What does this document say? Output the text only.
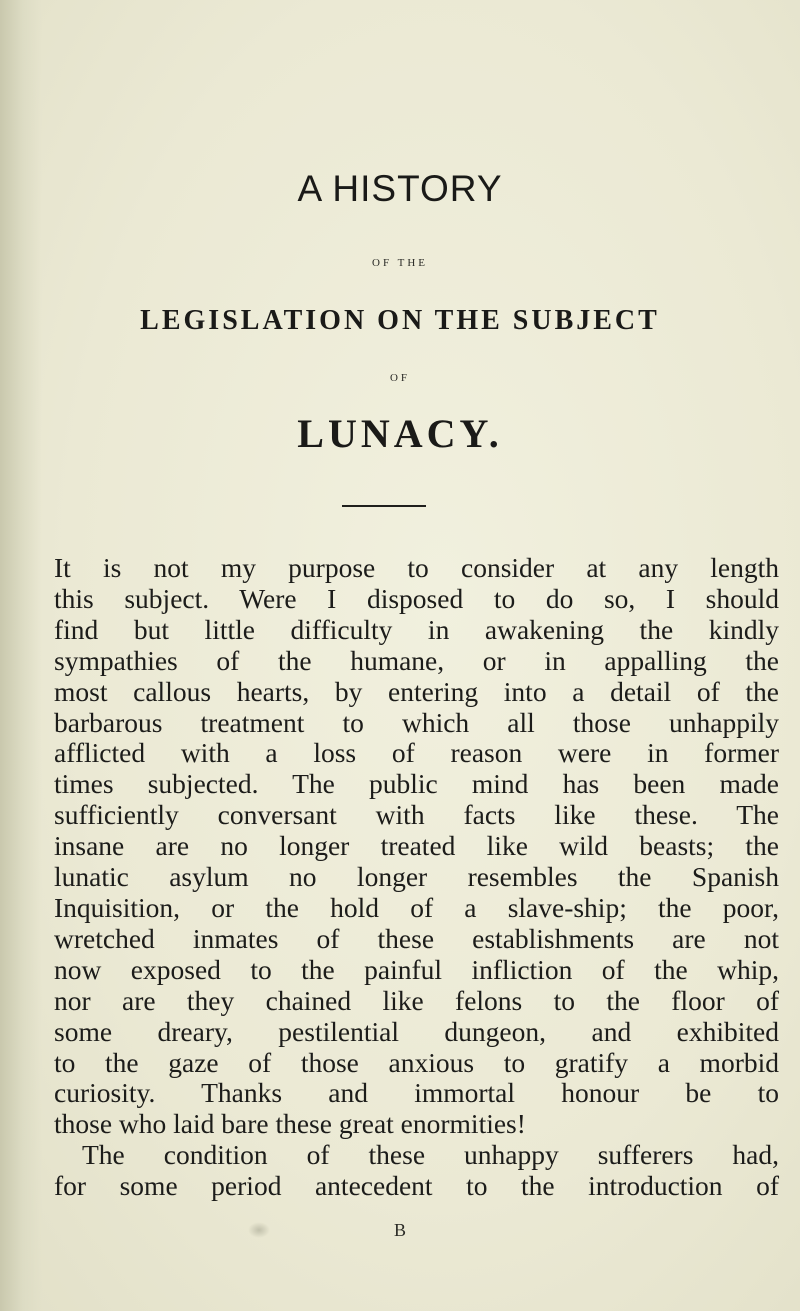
A HISTORY
OF THE
LEGISLATION ON THE SUBJECT
OF
LUNACY.

It is not my purpose to consider at any length

this subject. Were I disposed to do so, I should

find but little difficulty in awakening the kindly

sympathies of the humane, or in appalling the

most callous hearts, by entering into a detail of the

barbarous treatment to which all those unhappily

afflicted with a loss of reason were in former

times subjected. The public mind has been made

sufficiently conversant with facts like these. The

insane are no longer treated like wild beasts; the

lunatic asylum no longer resembles the Spanish

Inquisition, or the hold of a slave-ship; the poor,

wretched inmates of these establishments are not

now exposed to the painful infliction of the whip,

nor are they chained like felons to the floor of

some dreary, pestilential dungeon, and exhibited

to the gaze of those anxious to gratify a morbid

curiosity. Thanks and immortal honour be to

those who laid bare these great enormities!

The condition of these unhappy sufferers had,

for some period antecedent to the introduction of

B
